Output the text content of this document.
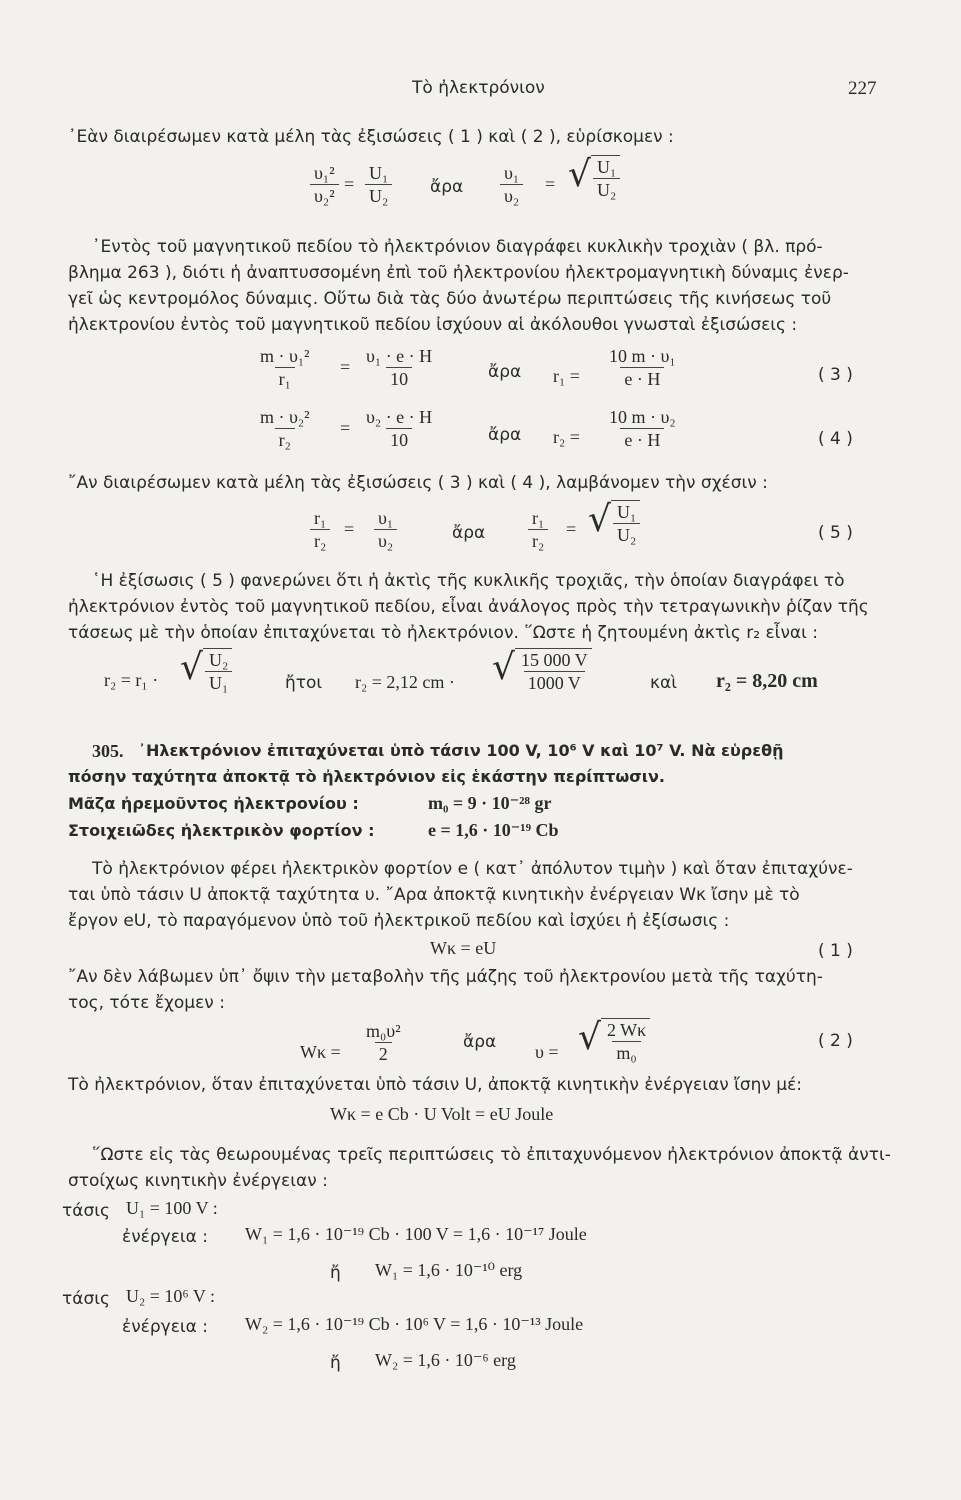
Τὸ ἠλεκτρόνιον	227
᾿Εὰν διαιρέσωμεν κατὰ μέλη τὰς ἐξισώσεις ( 1 ) καὶ ( 2 ), εὑρίσκομεν :
$\frac{\text{υ₁²}}{\text{υ₂²}} = \frac{\text{U₁}}{\text{U₂}}$ ἄρα $\frac{\text{υ₁}}{\text{υ₂}}$ = √ $\frac{\text{U₁}}{\text{U₂}}$
᾿Εντὸς τοῦ μαγνητικοῦ πεδίου τὸ ἠλεκτρόνιον διαγράφει κυκλικὴν τροχιὰν ( βλ. πρό-
βλημα 263 ), διότι ἡ ἀναπτυσσομένη ἐπὶ τοῦ ἠλεκτρονίου ἠλεκτρομαγνητικὴ δύναμις ἐνερ-
γεῖ ὡς κεντρομόλος δύναμις. Οὕτω διὰ τὰς δύο ἀνωτέρω περιπτώσεις τῆς κινήσεως τοῦ
ἠλεκτρονίου ἐντὸς τοῦ μαγνητικοῦ πεδίου ἰσχύουν αἱ ἀκόλουθοι γνωσταὶ ἐξισώσεις :
$\frac{\text{m · υ₁²}}{\text{r₁}} = \frac{\text{υ₁ · e · H}}{10}$	ἄρα $r_1 = \frac{\text{10 m · υ₁}}{e \cdot H}$	( 3 )
$\frac{\text{m · υ₂²}}{\text{r₂}} = \frac{\text{υ₂ · e · H}}{10}$	ἄρα $r_2 = \frac{\text{10 m · υ₂}}{e \cdot H}$	( 4 )
῎Αν διαιρέσωμεν κατὰ μέλη τὰς ἐξισώσεις ( 3 ) καὶ ( 4 ), λαμβάνομεν τὴν σχέσιν :
$\frac{\text{r₁}}{\text{r₂}} = \frac{\text{υ₁}}{\text{υ₂}}$	ἄρα $\frac{\text{r₁}}{\text{r₂}}$ = √ $\frac{\text{U₁}}{\text{U₂}}$	( 5 )
῾Η ἐξίσωσις ( 5 ) φανερώνει ὅτι ἡ ἀκτὶς τῆς κυκλικῆς τροχιᾶς, τὴν ὁποίαν διαγράφει τὸ
ἠλεκτρόνιον ἐντὸς τοῦ μαγνητικοῦ πεδίου, εἶναι ἀνάλογος πρὸς τὴν τετραγωνικὴν ῥίζαν τῆς
τάσεως μὲ τὴν ὁποίαν ἐπιταχύνεται τὸ ἠλεκτρόνιον. ῞Ωστε ἡ ζητουμένη ἀκτὶς r₂ εἶναι :
r₂ = r₁ · √ $\frac{\text{U₂}}{\text{U₁}}$	ἤτοι r₂ = 2,12 cm · √ $\frac{15 000 V}{1000 V}$	καὶ r₂ = 8,20 cm
305. ᾿Ηλεκτρόνιον ἐπιταχύνεται ὑπὸ τάσιν 100 V, 10⁶ V καὶ 10⁷ V. Νὰ εὑρεθῇ
πόσην ταχύτητα ἀποκτᾷ τὸ ἠλεκτρόνιον εἰς ἑκάστην περίπτωσιν.
Μᾶζα ἠρεμοῦντος ἠλεκτρονίου :	m₀ = 9 · 10⁻²⁸ gr
Στοιχειῶδες ἠλεκτρικὸν φορτίον :	e = 1,6 · 10⁻¹⁹ Cb
Τὸ ἠλεκτρόνιον φέρει ἠλεκτρικὸν φορτίον e ( κατ᾿ ἀπόλυτον τιμὴν ) καὶ ὅταν ἐπιταχύνε-
ται ὑπὸ τάσιν U ἀποκτᾷ ταχύτητα υ. ῎Αρα ἀποκτᾷ κινητικὴν ἐνέργειαν Wκ ἴσην μὲ τὸ
ἔργον eU, τὸ παραγόμενον ὑπὸ τοῦ ἠλεκτρικοῦ πεδίου καὶ ἰσχύει ἡ ἐξίσωσις :
Wκ = eU	( 1 )
῎Αν δὲν λάβωμεν ὑπ᾿ ὄψιν τὴν μεταβολὴν τῆς μάζης τοῦ ἠλεκτρονίου μετὰ τῆς ταχύτη-
τος, τότε ἔχομεν :
$W\kappa = \frac{\text{m₀υ²}}{2}$	ἄρα υ = √ $\frac{2 W\kappa}{\text{m₀}}$	( 2 )
Τὸ ἠλεκτρόνιον, ὅταν ἐπιταχύνεται ὑπὸ τάσιν U, ἀποκτᾷ κινητικὴν ἐνέργειαν ἴσην μέ:
Wκ = e Cb · U Volt = eU Joule
῞Ωστε εἰς τὰς θεωρουμένας τρεῖς περιπτώσεις τὸ ἐπιταχυνόμενον ἠλεκτρόνιον ἀποκτᾷ ἀντι-
στοίχως κινητικὴν ἐνέργειαν :
τάσις U₁ = 100 V :
ἐνέργεια : W₁ = 1,6 · 10⁻¹⁹ Cb · 100 V = 1,6 · 10⁻¹⁷ Joule
ἤ W₁ = 1,6 · 10⁻¹⁰ erg
τάσις U₂ = 10⁶ V :
ἐνέργεια : W₂ = 1,6 · 10⁻¹⁹ Cb · 10⁶ V = 1,6 · 10⁻¹³ Joule
ἤ W₂ = 1,6 · 10⁻⁶ erg
